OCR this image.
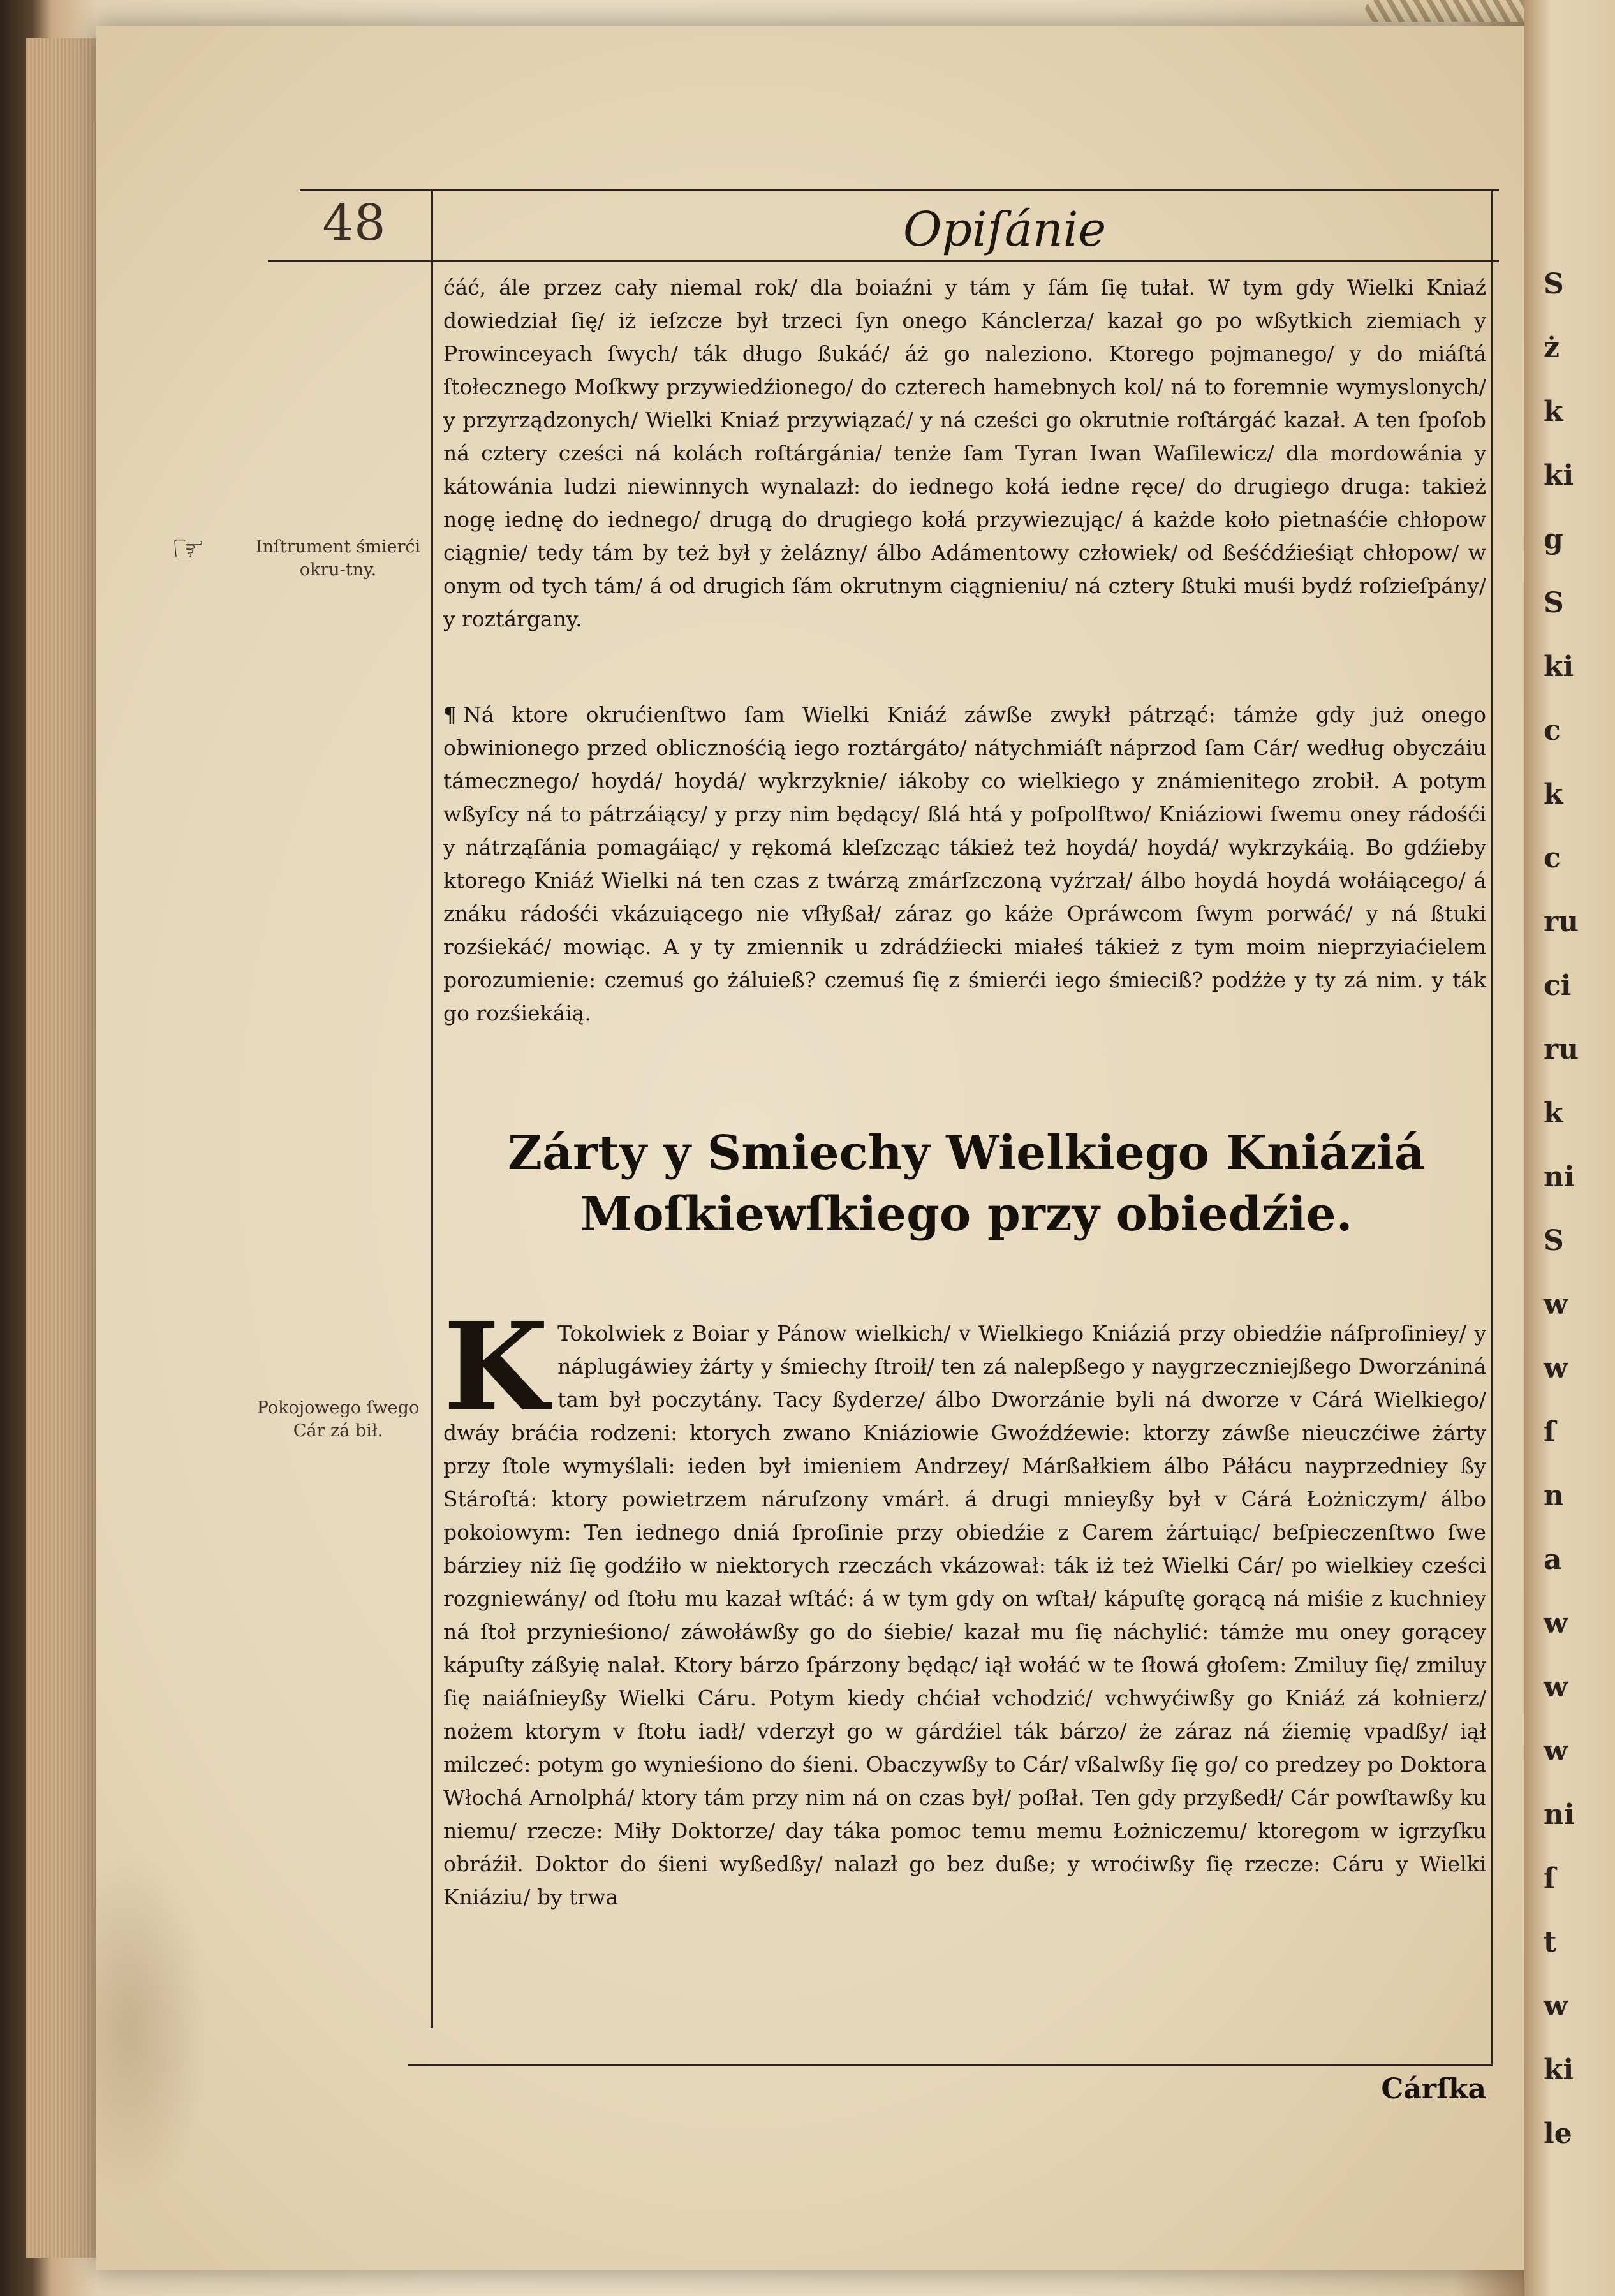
S
ż
k
ki
g
S
ki
c
k
c
ru
ci
ru
k
ni
S
w
w
ſ
n
a
w
w
w
ni
ſ
t
w
ki
le
48	Opiſánie
☞	Inſtrument śmierći okru-tny.
Pokojowego ſwego Cár zá bił.

ćáć, ále przez cały niemal rok/ dla boiaźni y tám y ſám ſię tułał. W tym gdy Wielki Kniaź dowiedział ſię/ iż ieſzcze był trzeci ſyn onego Kánclerza/ kazał go po wßytkich ziemiach y Prowinceyach ſwych/ ták długo ßukáć/ áż go naleziono. Ktorego pojmanego/ y do miáſtá ſtołecznego Moſkwy przywiedźionego/ do czterech hamebnych kol/ ná to foremnie wymyslonych/ y przyrządzonych/ Wielki Kniaź przywiązać/ y ná cześci go okrutnie roſtárgáć kazał. A ten ſpoſob ná cztery cześci ná kolách roſtárgánia/ tenże ſam Tyran Iwan Waſilewicz/ dla mordowánia y kátowánia ludzi niewinnych wynalazł: do iednego kołá iedne ręce/ do drugiego druga: takież nogę iednę do iednego/ drugą do drugiego kołá przywiezując/ á każde koło pietnaśćie chłopow ciągnie/ tedy tám by też był y żelázny/ álbo Adámentowy człowiek/ od ßeśćdźieśiąt chłopow/ w onym od tych tám/ á od drugich ſám okrutnym ciągnieniu/ ná cztery ßtuki muśi bydź roſzieſpány/ y roztárgany.

¶ Ná ktore okrućienſtwo ſam Wielki Kniáź záwße zwykł pátrząć: támże gdy już onego obwinionego przed oblicznośćią iego roztárgáto/ nátychmiáſt náprzod ſam Cár/ według obyczáiu támecznego/ hoydá/ hoydá/ wykrzyknie/ iákoby co wielkiego y známienitego zrobił. A potym wßyſcy ná to pátrzáiący/ y przy nim będący/ ßlá htá y poſpolſtwo/ Kniáziowi ſwemu oney rádośći y nátrząſánia pomagáiąc/ y rękomá kleſzcząc tákież też hoydá/ hoydá/ wykrzykáią. Bo gdźieby ktorego Kniáź Wielki ná ten czas z twárzą zmárſzczoną vyźrzał/ álbo hoydá hoydá wołáiącego/ á znáku rádośći vkázuiącego nie vſłyßał/ záraz go káże Opráwcom ſwym porwáć/ y ná ßtuki rozśiekáć/ mowiąc. A y ty zmiennik u zdrádźiecki miałeś tákież z tym moim nieprzyiaćielem porozumienie: czemuś go żáluieß? czemuś ſię z śmierći iego śmieciß? podźże y ty zá nim. y ták go rozśiekáią.

Zárty y Smiechy Wielkiego Kniáziá Moſkiewſkiego przy obiedźie.

K Tokolwiek z Boiar y Pánow wielkich/ v Wielkiego Kniáziá przy obiedźie náſproſiniey/ y náplugáwiey żárty y śmiechy ſtroił/ ten zá nalepßego y naygrzeczniejßego Dworzániná tam był poczytány. Tacy ßyderze/ álbo Dworzánie byli ná dworze v Cárá Wielkiego/ dwáy bráćia rodzeni: ktorych zwano Kniáziowie Gwoźdźewie: ktorzy záwße nieuczćiwe żárty przy ſtole wymyślali: ieden był imieniem Andrzey/ Márßałkiem álbo Páłácu nayprzedniey ßy Stároſtá: ktory powietrzem náruſzony vmárł. á drugi mnieyßy był v Cárá Łożniczym/ álbo pokoiowym: Ten iednego dniá ſproſinie przy obiedźie z Carem żártuiąc/ beſpieczenſtwo ſwe bárziey niż ſię godźiło w niektorych rzeczách vkázował: ták iż też Wielki Cár/ po wielkiey cześci rozgniewány/ od ſtołu mu kazał wſtáć: á w tym gdy on wſtał/ kápuſtę gorącą ná miśie z kuchniey ná ſtoł przynieśiono/ záwołáwßy go do śiebie/ kazał mu ſię náchylić: támże mu oney gorącey kápuſty záßyię nalał. Ktory bárzo ſpárzony będąc/ iął wołáć w te ſłowá głoſem: Zmiluy ſię/ zmiluy ſię naiáſnieyßy Wielki Cáru. Potym kiedy chćiał vchodzić/ vchwyćiwßy go Kniáź zá kołnierz/ nożem ktorym v ſtołu iadł/ vderzył go w gárdźiel ták bárzo/ że záraz ná źiemię vpadßy/ iął milczeć: potym go wynieśiono do śieni. Obaczywßy to Cár/ vßalwßy ſię go/ co predzey po Doktora Włochá Arnolphá/ ktory tám przy nim ná on czas był/ poſłał. Ten gdy przyßedł/ Cár powſtawßy ku niemu/ rzecze: Miły Doktorze/ day táka pomoc temu memu Łożniczemu/ ktoregom w igrzyſku obráźił. Doktor do śieni wyßedßy/ nalazł go bez duße; y wroćiwßy ſię rzecze: Cáru y Wielki Kniáziu/ by trwa

Cárſka
